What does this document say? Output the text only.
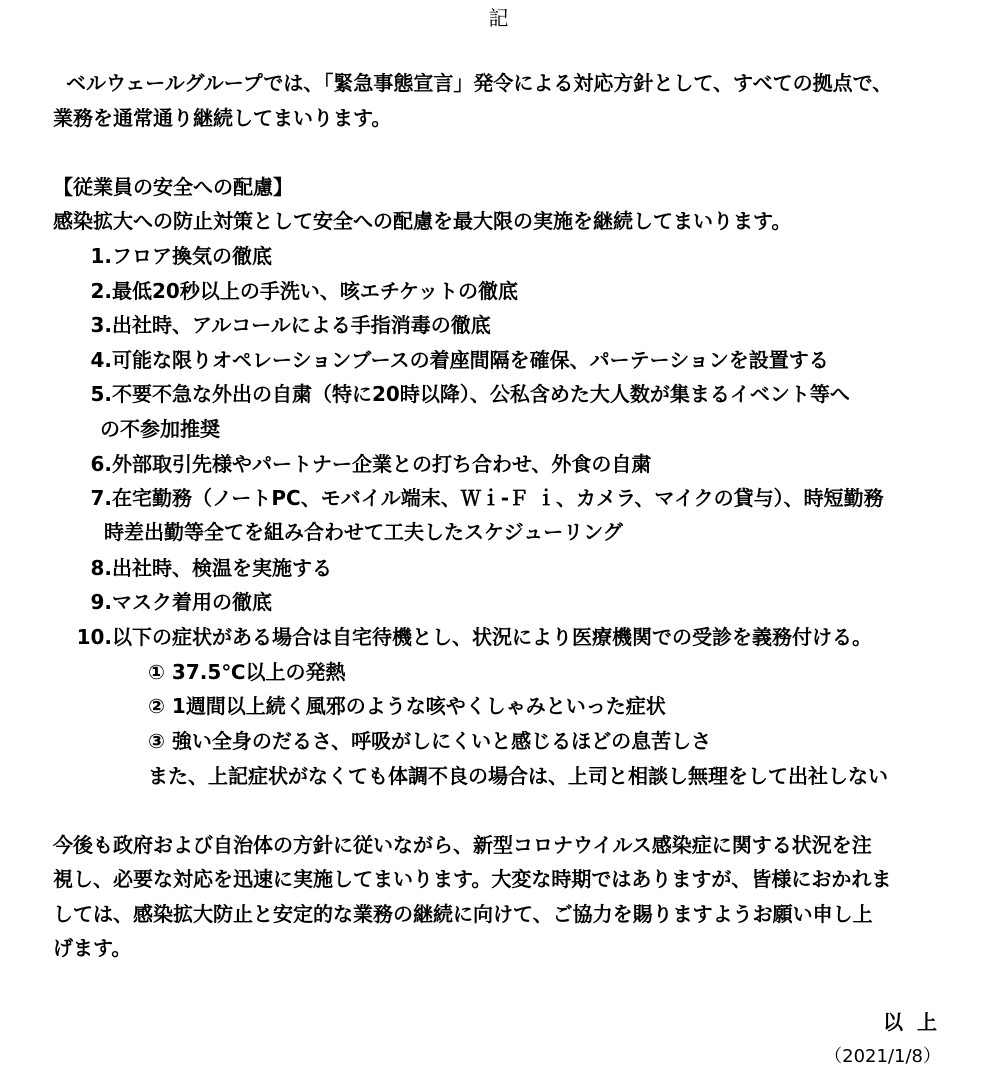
記
ベルウェールグループでは、「緊急事態宣言」発令による対応方針として、すべての拠点で、
業務を通常通り継続してまいります。
【従業員の安全への配慮】
感染拡大への防止対策として安全への配慮を最大限の実施を継続してまいります。
1.フロア換気の徹底
2.最低20秒以上の手洗い、咳エチケットの徹底
3.出社時、アルコールによる手指消毒の徹底
4.可能な限りオペレーションブースの着座間隔を確保、パーテーションを設置する
5.不要不急な外出の自粛（特に20時以降）、公私含めた大人数が集まるイベント等へ
の不参加推奨
6.外部取引先様やパートナー企業との打ち合わせ、外食の自粛
7.在宅勤務（ノートPC、モバイル端末、Ｗｉ-Ｆ ｉ、カメラ、マイクの貸与）、時短勤務
時差出勤等全てを組み合わせて工夫したスケジューリング
8.出社時、検温を実施する
9.マスク着用の徹底
10.以下の症状がある場合は自宅待機とし、状況により医療機関での受診を義務付ける。
① 37.5℃以上の発熱
② 1週間以上続く風邪のような咳やくしゃみといった症状
③ 強い全身のだるさ、呼吸がしにくいと感じるほどの息苦しさ
また、上記症状がなくても体調不良の場合は、上司と相談し無理をして出社しない
今後も政府および自治体の方針に従いながら、新型コロナウイルス感染症に関する状況を注
視し、必要な対応を迅速に実施してまいります。大変な時期ではありますが、皆様におかれま
しては、感染拡大防止と安定的な業務の継続に向けて、ご協力を賜りますようお願い申し上
げます。
以上
（2021/1/8）
